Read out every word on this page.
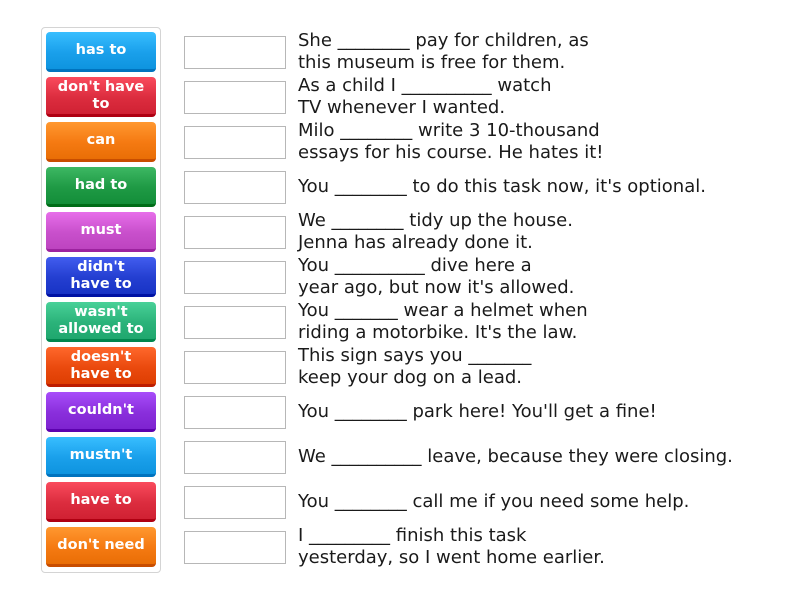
has to
don't have to
can
had to
must
didn't
have to
wasn't
allowed to
doesn't
have to
couldn't
mustn't
have to
don't need
She ________ pay for children, as
this museum is free for them.
As a child I __________ watch
TV whenever I wanted.
Milo ________ write 3 10-thousand
essays for his course. He hates it!
You ________ to do this task now, it's optional.
We ________ tidy up the house.
Jenna has already done it.
You __________ dive here a
year ago, but now it's allowed.
You _______ wear a helmet when
riding a motorbike. It's the law.
This sign says you _______
keep your dog on a lead.
You ________ park here! You'll get a fine!
We __________ leave, because they were closing.
You ________ call me if you need some help.
I _________ finish this task
yesterday, so I went home earlier.
